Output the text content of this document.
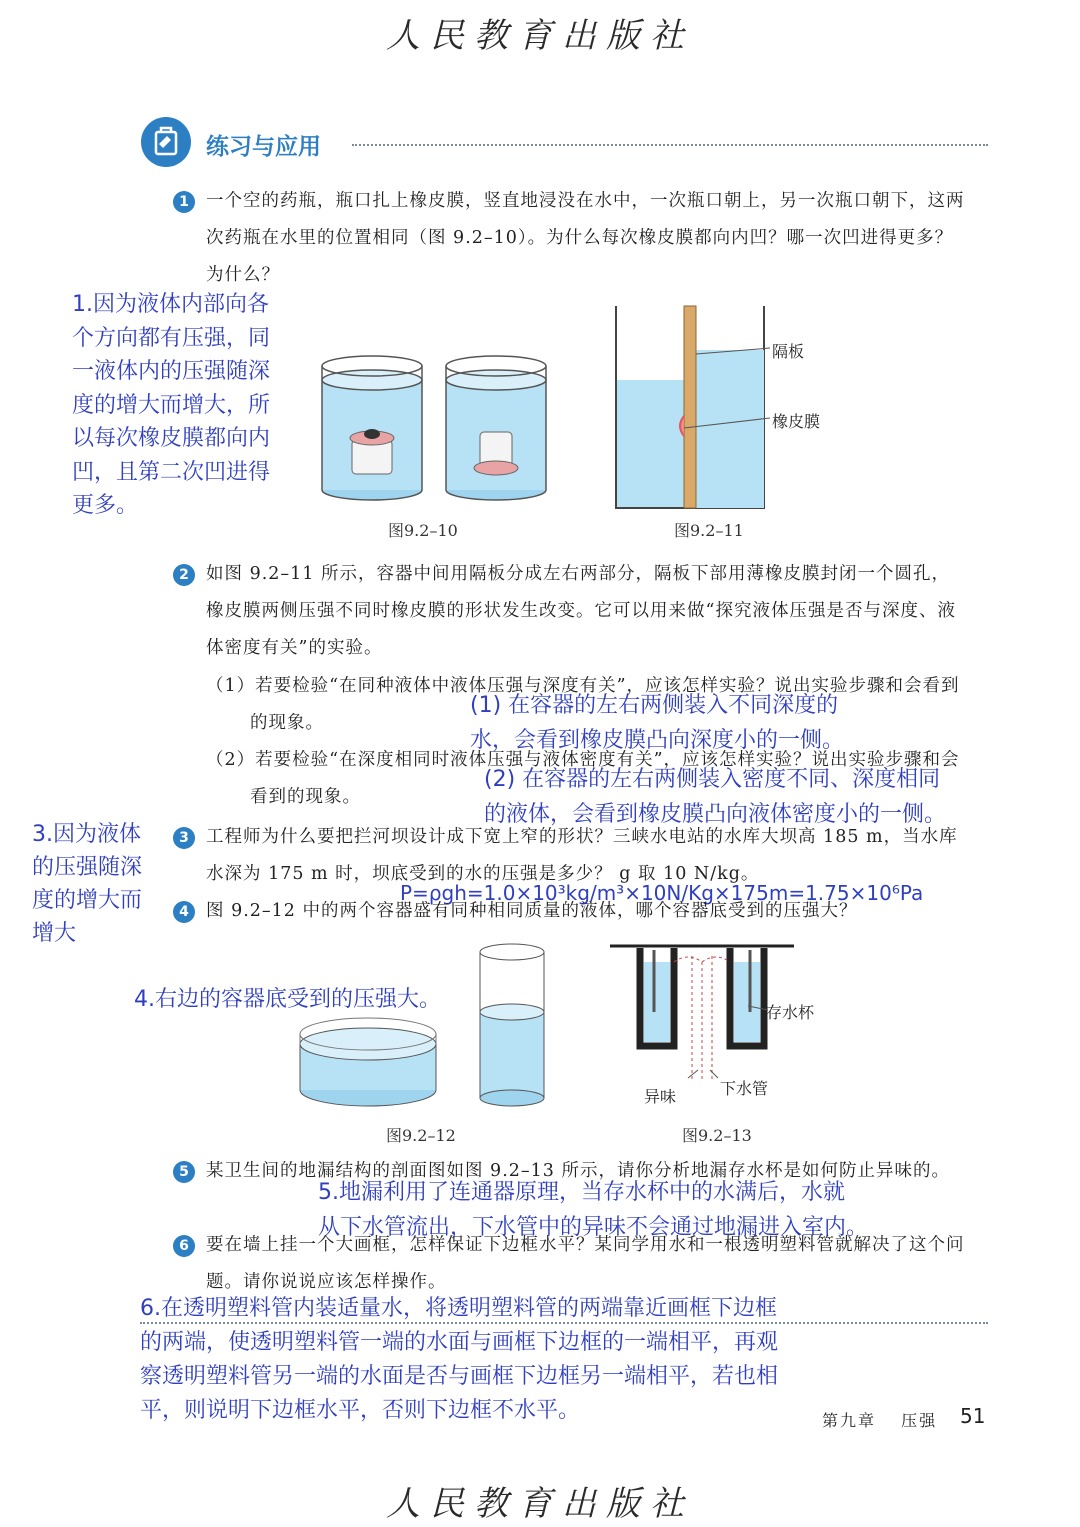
人民教育出版社
练习与应用
1 一个空的药瓶，瓶口扎上橡皮膜，竖直地浸没在水中，一次瓶口朝上，另一次瓶口朝下，这两次药瓶在水里的位置相同（图 9.2–10）。为什么每次橡皮膜都向内凹？哪一次凹进得更多？为什么？
1.因为液体内部向各
个方向都有压强，同
一液体内的压强随深
度的增大而增大，所
以每次橡皮膜都向内
凹，且第二次凹进得
更多。
图9.2–10
隔板
橡皮膜
图9.2–11
2 如图 9.2–11 所示，容器中间用隔板分成左右两部分，隔板下部用薄橡皮膜封闭一个圆孔，橡皮膜两侧压强不同时橡皮膜的形状发生改变。它可以用来做“探究液体压强是否与深度、液体密度有关”的实验。
（1）若要检验“在同种液体中液体压强与深度有关”，应该怎样实验？说出实验步骤和会看到的现象。
（2）若要检验“在深度相同时液体压强与液体密度有关”，应该怎样实验？说出实验步骤和会看到的现象。
(1) 在容器的左右两侧装入不同深度的
水，会看到橡皮膜凸向深度小的一侧。
(2) 在容器的左右两侧装入密度不同、深度相同
的液体，会看到橡皮膜凸向液体密度小的一侧。
3.因为液体
的压强随深
度的增大而
增大
3 工程师为什么要把拦河坝设计成下宽上窄的形状？三峡水电站的水库大坝高 185 m，当水库水深为 175 m 时，坝底受到的水的压强是多少？ g 取 10 N/kg。
P=ρgh=1.0×10³kg/m³×10N/Kg×175m=1.75×10⁶Pa
4 图 9.2–12 中的两个容器盛有同种相同质量的液体，哪个容器底受到的压强大？
4.右边的容器底受到的压强大。
图9.2–12
存水杯
异味	下水管
图9.2–13
5 某卫生间的地漏结构的剖面图如图 9.2–13 所示，请你分析地漏存水杯是如何防止异味的。
5.地漏利用了连通器原理，当存水杯中的水满后，水就
从下水管流出，下水管中的异味不会通过地漏进入室内。
6 要在墙上挂一个大画框，怎样保证下边框水平？某同学用水和一根透明塑料管就解决了这个问题。请你说说应该怎样操作。
6.在透明塑料管内装适量水，将透明塑料管的两端靠近画框下边框
的两端，使透明塑料管一端的水面与画框下边框的一端相平，再观
察透明塑料管另一端的水面是否与画框下边框另一端相平，若也相
平，则说明下边框水平，否则下边框不水平。	第九章 压强 51
人民教育出版社
